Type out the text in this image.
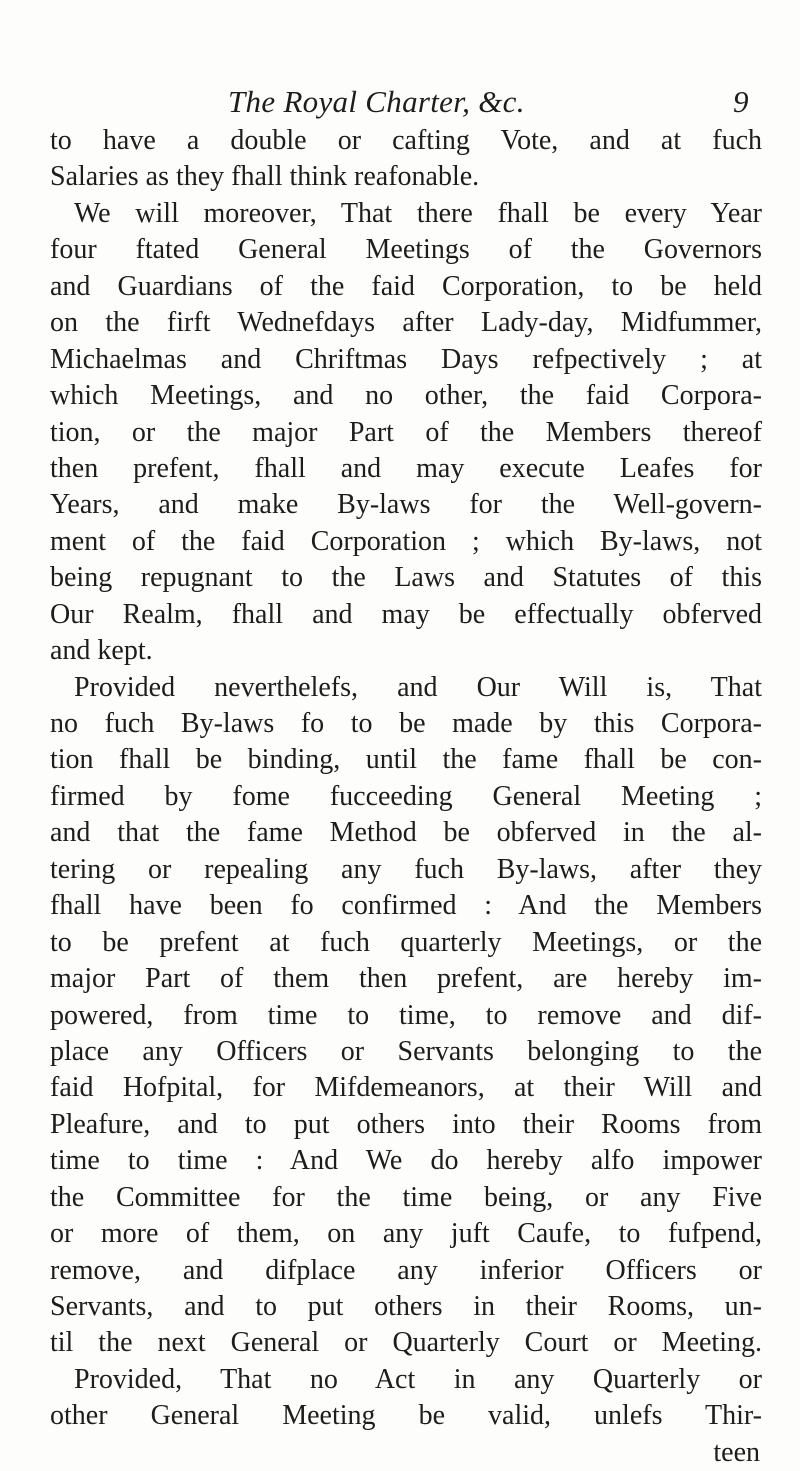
The Royal Charter, &c.	9
to have a double or cafting Vote, and at fuch
Salaries as they fhall think reafonable.
We will moreover, That there fhall be every Year
four ftated General Meetings of the Governors
and Guardians of the faid Corporation, to be held
on the firft Wednefdays after Lady-day, Midfummer,
Michaelmas and Chriftmas Days refpectively ; at
which Meetings, and no other, the faid Corpora-
tion, or the major Part of the Members thereof
then prefent, fhall and may execute Leafes for
Years, and make By-laws for the Well-govern-
ment of the faid Corporation ; which By-laws, not
being repugnant to the Laws and Statutes of this
Our Realm, fhall and may be effectually obferved
and kept.
Provided neverthelefs, and Our Will is, That
no fuch By-laws fo to be made by this Corpora-
tion fhall be binding, until the fame fhall be con-
firmed by fome fucceeding General Meeting ;
and that the fame Method be obferved in the al-
tering or repealing any fuch By-laws, after they
fhall have been fo confirmed : And the Members
to be prefent at fuch quarterly Meetings, or the
major Part of them then prefent, are hereby im-
powered, from time to time, to remove and dif-
place any Officers or Servants belonging to the
faid Hofpital, for Mifdemeanors, at their Will and
Pleafure, and to put others into their Rooms from
time to time : And We do hereby alfo impower
the Committee for the time being, or any Five
or more of them, on any juft Caufe, to fufpend,
remove, and difplace any inferior Officers or
Servants, and to put others in their Rooms, un-
til the next General or Quarterly Court or Meeting.
Provided, That no Act in any Quarterly or
other General Meeting be valid, unlefs Thir-
teen
